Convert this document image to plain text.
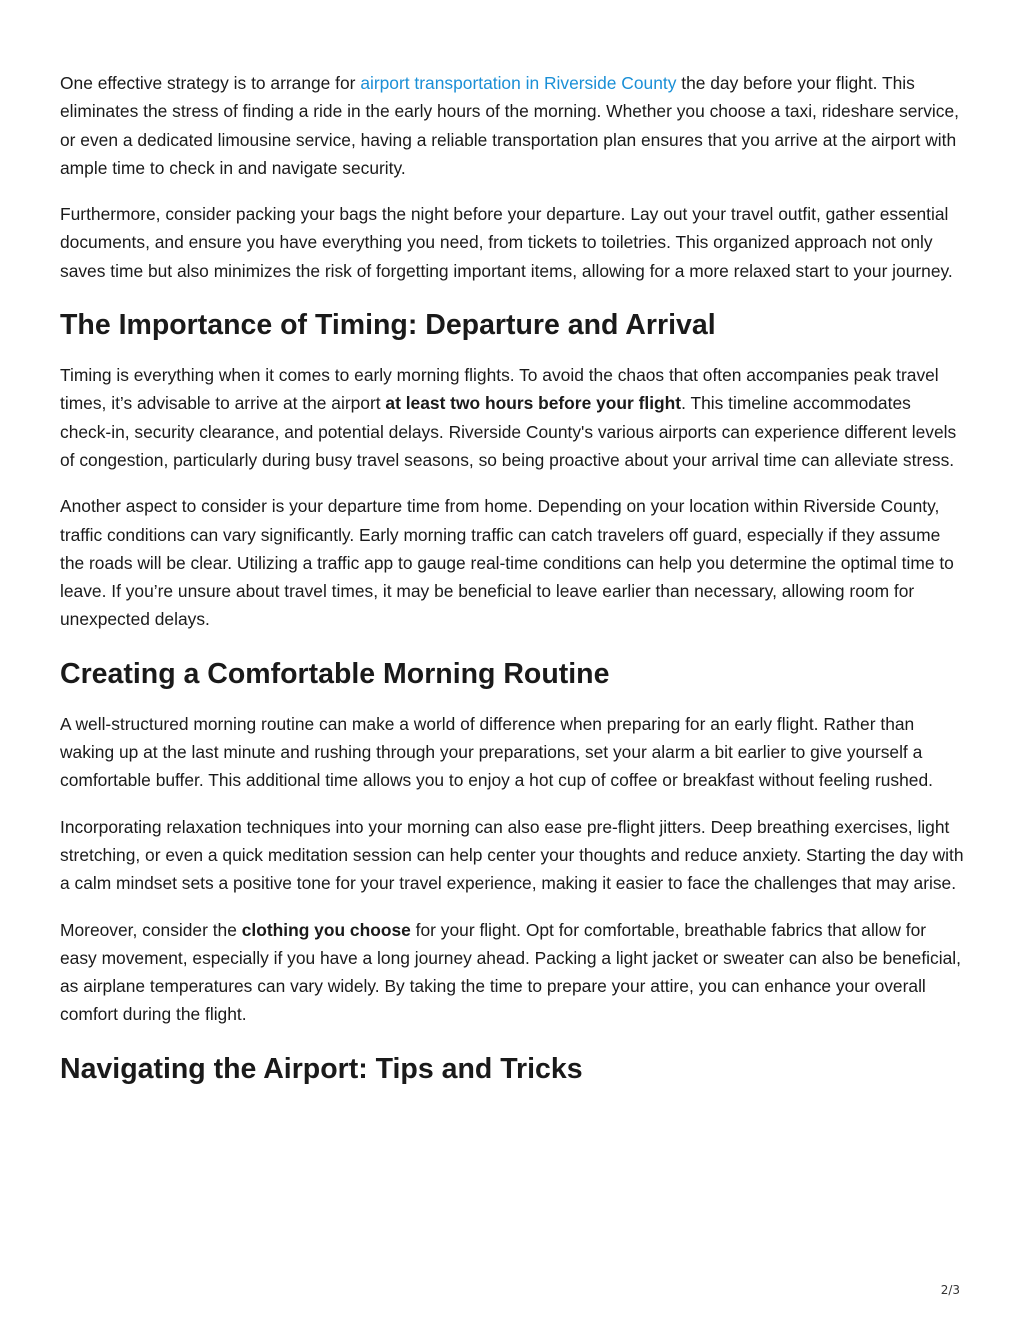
One effective strategy is to arrange for airport transportation in Riverside County the day before your flight. This eliminates the stress of finding a ride in the early hours of the morning. Whether you choose a taxi, rideshare service, or even a dedicated limousine service, having a reliable transportation plan ensures that you arrive at the airport with ample time to check in and navigate security.

Furthermore, consider packing your bags the night before your departure. Lay out your travel outfit, gather essential documents, and ensure you have everything you need, from tickets to toiletries. This organized approach not only saves time but also minimizes the risk of forgetting important items, allowing for a more relaxed start to your journey.

The Importance of Timing: Departure and Arrival

Timing is everything when it comes to early morning flights. To avoid the chaos that often accompanies peak travel times, it’s advisable to arrive at the airport at least two hours before your flight. This timeline accommodates check-in, security clearance, and potential delays. Riverside County's various airports can experience different levels of congestion, particularly during busy travel seasons, so being proactive about your arrival time can alleviate stress.

Another aspect to consider is your departure time from home. Depending on your location within Riverside County, traffic conditions can vary significantly. Early morning traffic can catch travelers off guard, especially if they assume the roads will be clear. Utilizing a traffic app to gauge real-time conditions can help you determine the optimal time to leave. If you’re unsure about travel times, it may be beneficial to leave earlier than necessary, allowing room for unexpected delays.

Creating a Comfortable Morning Routine

A well-structured morning routine can make a world of difference when preparing for an early flight. Rather than waking up at the last minute and rushing through your preparations, set your alarm a bit earlier to give yourself a comfortable buffer. This additional time allows you to enjoy a hot cup of coffee or breakfast without feeling rushed.

Incorporating relaxation techniques into your morning can also ease pre-flight jitters. Deep breathing exercises, light stretching, or even a quick meditation session can help center your thoughts and reduce anxiety. Starting the day with a calm mindset sets a positive tone for your travel experience, making it easier to face the challenges that may arise.

Moreover, consider the clothing you choose for your flight. Opt for comfortable, breathable fabrics that allow for easy movement, especially if you have a long journey ahead. Packing a light jacket or sweater can also be beneficial, as airplane temperatures can vary widely. By taking the time to prepare your attire, you can enhance your overall comfort during the flight.

Navigating the Airport: Tips and Tricks
2/3
